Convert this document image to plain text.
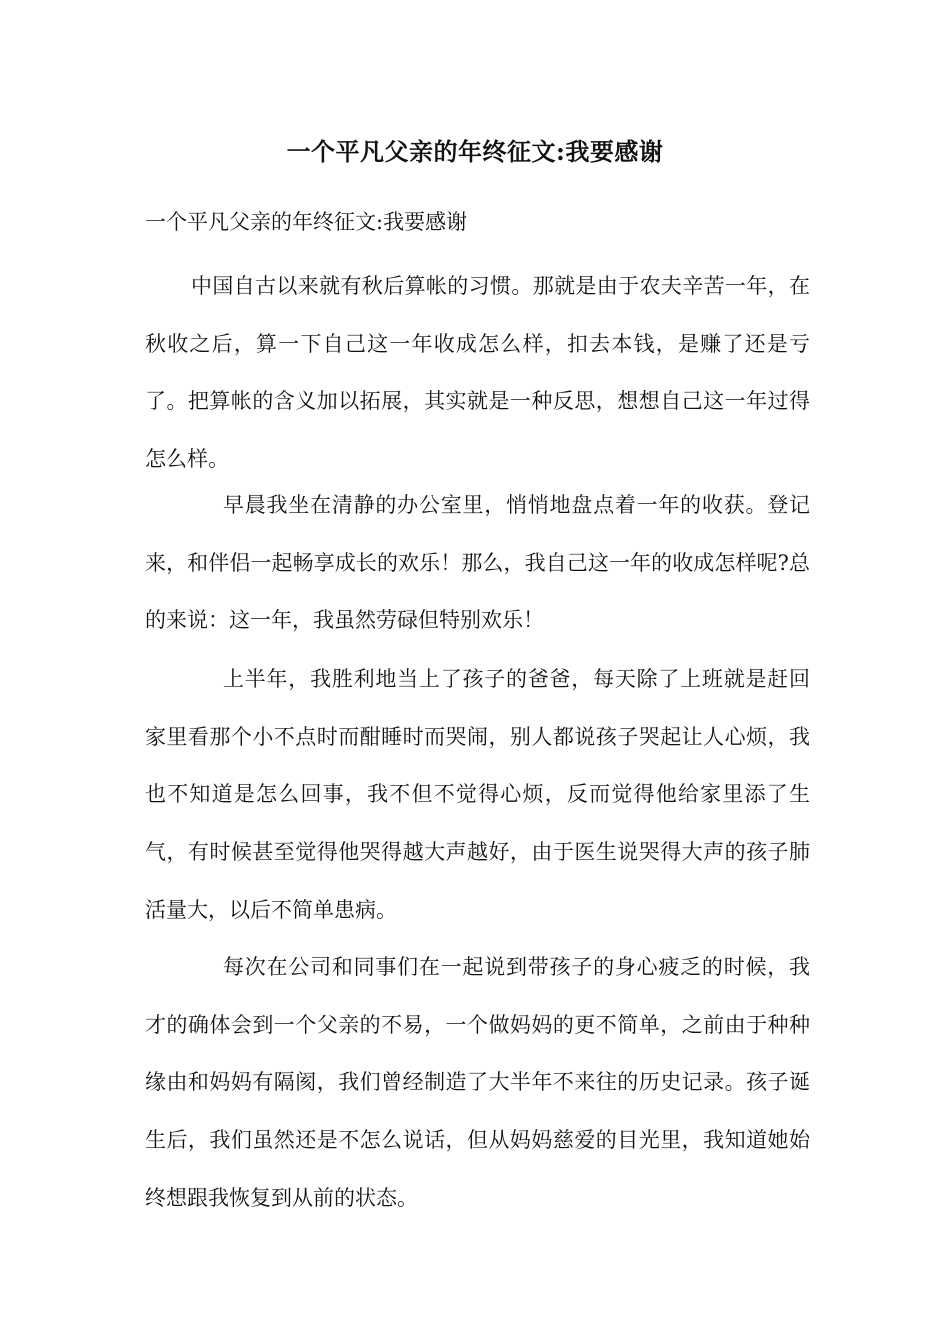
一个平凡父亲的年终征文:我要感谢

一个平凡父亲的年终征文:我要感谢

中国自古以来就有秋后算帐的习惯。那就是由于农夫辛苦一年，在秋收之后，算一下自己这一年收成怎么样，扣去本钱，是赚了还是亏了。把算帐的含义加以拓展，其实就是一种反思，想想自己这一年过得怎么样。

早晨我坐在清静的办公室里，悄悄地盘点着一年的收获。登记来，和伴侣一起畅享成长的欢乐！那么，我自己这一年的收成怎样呢?总的来说：这一年，我虽然劳碌但特别欢乐！

上半年，我胜利地当上了孩子的爸爸，每天除了上班就是赶回家里看那个小不点时而酣睡时而哭闹，别人都说孩子哭起让人心烦，我也不知道是怎么回事，我不但不觉得心烦，反而觉得他给家里添了生气，有时候甚至觉得他哭得越大声越好，由于医生说哭得大声的孩子肺活量大，以后不简单患病。

每次在公司和同事们在一起说到带孩子的身心疲乏的时候，我才的确体会到一个父亲的不易，一个做妈妈的更不简单，之前由于种种缘由和妈妈有隔阂，我们曾经制造了大半年不来往的历史记录。孩子诞生后，我们虽然还是不怎么说话，但从妈妈慈爱的目光里，我知道她始终想跟我恢复到从前的状态。
